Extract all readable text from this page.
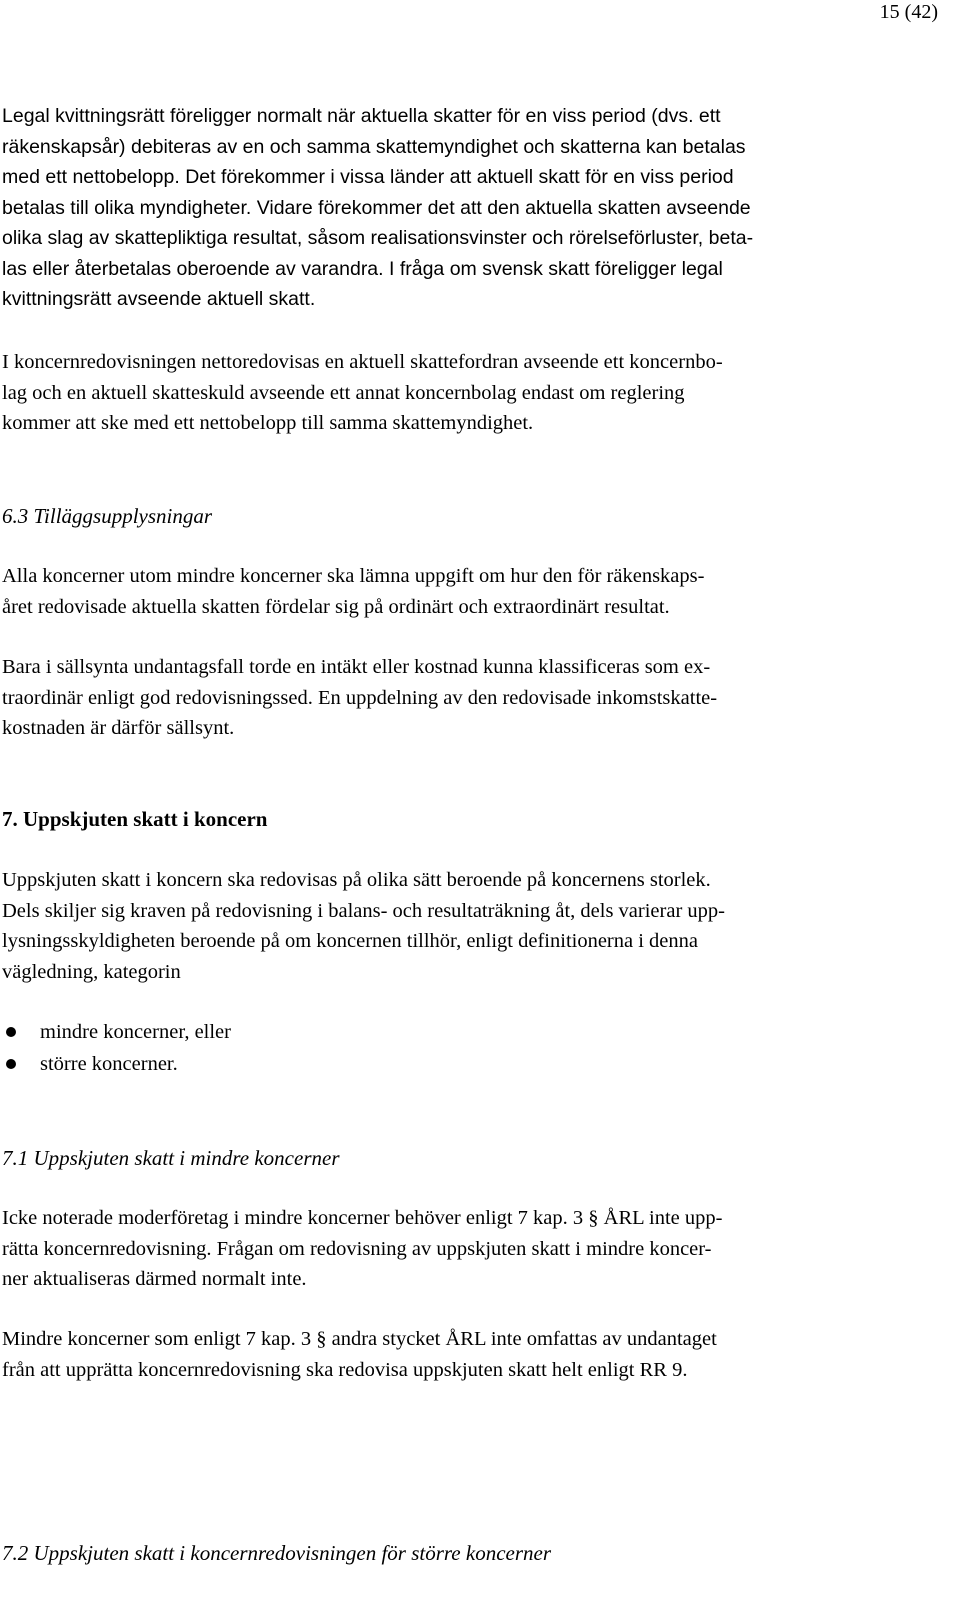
15 (42)
Legal kvittningsrätt föreligger normalt när aktuella skatter för en viss period (dvs. ett
räkenskapsår) debiteras av en och samma skattemyndighet och skatterna kan betalas
med ett nettobelopp. Det förekommer i vissa länder att aktuell skatt för en viss period
betalas till olika myndigheter. Vidare förekommer det att den aktuella skatten avseende
olika slag av skattepliktiga resultat, såsom realisationsvinster och rörelseförluster, beta-
las eller återbetalas oberoende av varandra. I fråga om svensk skatt föreligger legal
kvittningsrätt avseende aktuell skatt.
I koncernredovisningen nettoredovisas en aktuell skattefordran avseende ett koncernbo-
lag och en aktuell skatteskuld avseende ett annat koncernbolag endast om reglering
kommer att ske med ett nettobelopp till samma skattemyndighet.
6.3 Tilläggsupplysningar
Alla koncerner utom mindre koncerner ska lämna uppgift om hur den för räkenskaps-
året redovisade aktuella skatten fördelar sig på ordinärt och extraordinärt resultat.
Bara i sällsynta undantagsfall torde en intäkt eller kostnad kunna klassificeras som ex-
traordinär enligt god redovisningssed. En uppdelning av den redovisade inkomstskatte-
kostnaden är därför sällsynt.
7. Uppskjuten skatt i koncern
Uppskjuten skatt i koncern ska redovisas på olika sätt beroende på koncernens storlek.
Dels skiljer sig kraven på redovisning i balans- och resultaträkning åt, dels varierar upp-
lysningsskyldigheten beroende på om koncernen tillhör, enligt definitionerna i denna
vägledning, kategorin
mindre koncerner, eller
större koncerner.
7.1 Uppskjuten skatt i mindre koncerner
Icke noterade moderföretag i mindre koncerner behöver enligt 7 kap. 3 § ÅRL inte upp-
rätta koncernredovisning. Frågan om redovisning av uppskjuten skatt i mindre koncer-
ner aktualiseras därmed normalt inte.
Mindre koncerner som enligt 7 kap. 3 § andra stycket ÅRL inte omfattas av undantaget
från att upprätta koncernredovisning ska redovisa uppskjuten skatt helt enligt RR 9.
7.2 Uppskjuten skatt i koncernredovisningen för större koncerner
